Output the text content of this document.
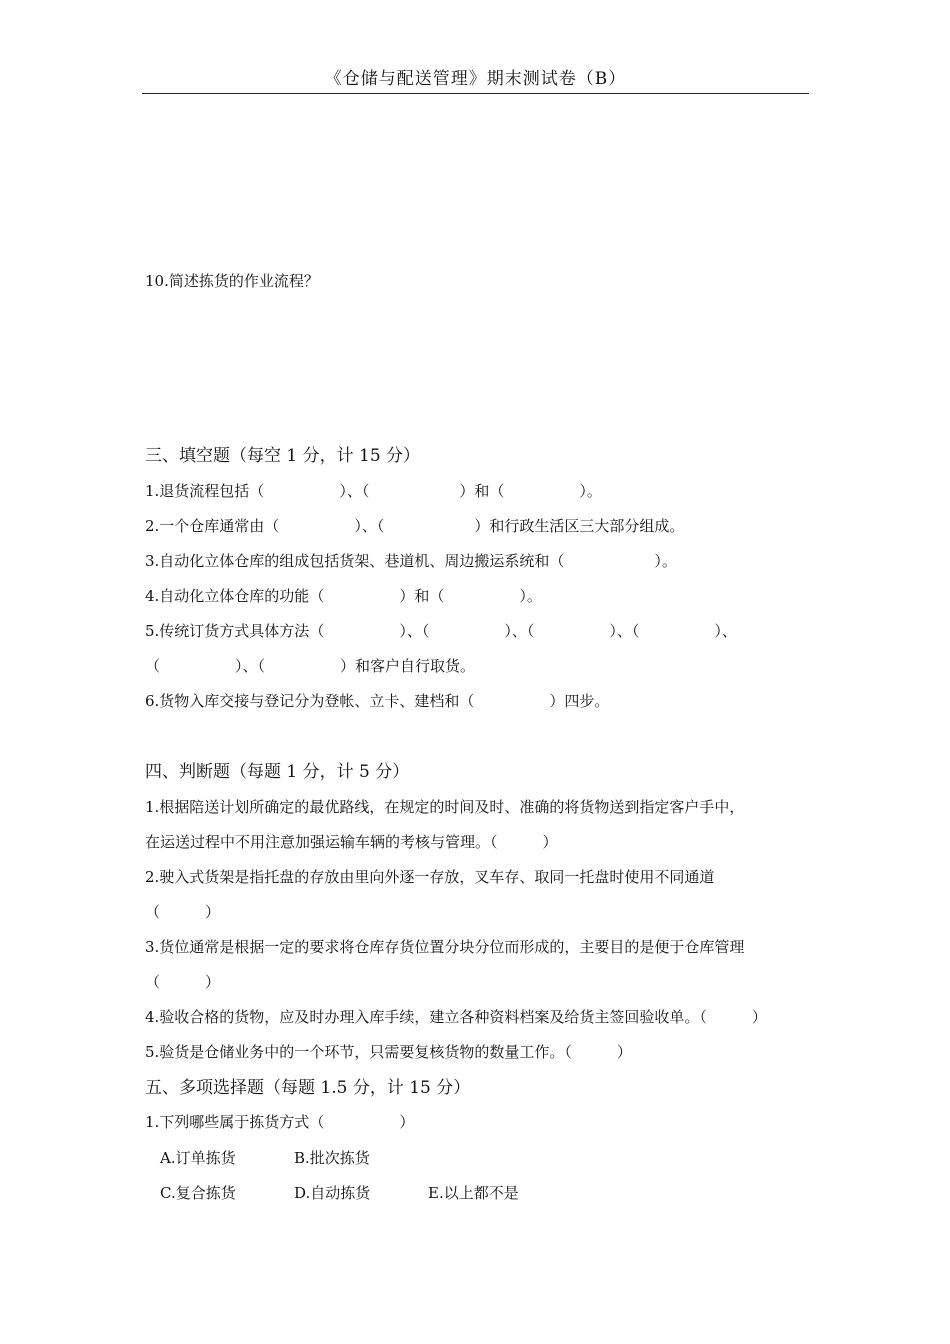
《仓储与配送管理》期末测试卷（B）
10.简述拣货的作业流程？
三、填空题（每空 1 分，计 15 分）
1.退货流程包括（　　　　　）、（　　　　　　）和（　　　　　）。
2.一个仓库通常由（　　　　　）、（　　　　　　）和行政生活区三大部分组成。
3.自动化立体仓库的组成包括货架、巷道机、周边搬运系统和（　　　　　　）。
4.自动化立体仓库的功能（　　　　　）和（　　　　　）。
5.传统订货方式具体方法（　　　　　）、（　　　　　）、（　　　　　）、（　　　　　）、
（　　　　　）、（　　　　　）和客户自行取货。
6.货物入库交接与登记分为登帐、立卡、建档和（　　　　　）四步。
四、判断题（每题 1 分，计 5 分）
1.根据陪送计划所确定的最优路线，在规定的时间及时、准确的将货物送到指定客户手中，
在运送过程中不用注意加强运输车辆的考核与管理。（　　　）
2.驶入式货架是指托盘的存放由里向外逐一存放，叉车存、取同一托盘时使用不同通道
（　　　）
3.货位通常是根据一定的要求将仓库存货位置分块分位而形成的，主要目的是便于仓库管理
（　　　）
4.验收合格的货物，应及时办理入库手续，建立各种资料档案及给货主签回验收单。（　　　）
5.验货是仓储业务中的一个环节，只需要复核货物的数量工作。（　　　）
五、多项选择题（每题 1.5 分，计 15 分）
1.下列哪些属于拣货方式（　　　　　）
A.订单拣货	B.批次拣货
C.复合拣货	D.自动拣货	E.以上都不是
